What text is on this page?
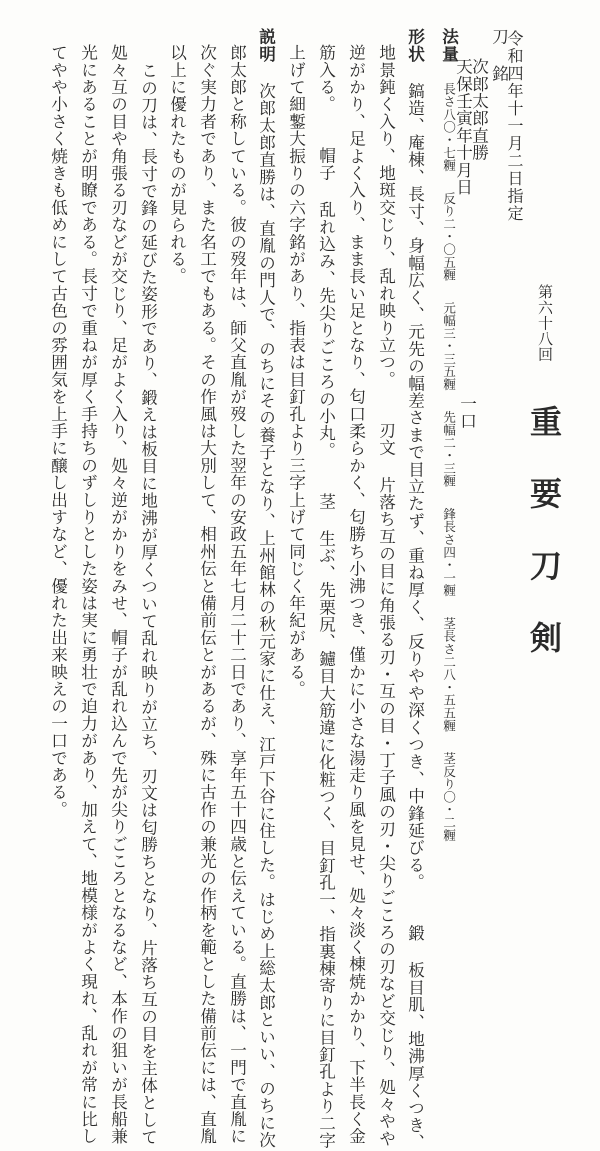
第六十八回
重要刀剣
令和四年十一月二日指定
一口
刀
銘
次郎太郎直勝
天保壬寅年十月日
法量 長さ八〇・七糎 反り二・〇五糎 元幅三・三五糎 先幅二・三糎 鋒長さ四・一糎 茎長さ二八・五五糎 茎反り〇・二糎
形状 鎬造、庵棟、長寸、身幅広く、元先の幅差さまで目立たず、重ね厚く、反りやや深くつき、中鋒延びる。 鍛 板目肌、地沸厚くつき、
地景鈍く入り、地斑交じり、乱れ映り立つ。 刃文 片落ち互の目に角張る刃・互の目・丁子風の刃・尖りごころの刃など交じり、処々やや
逆がかり、足よく入り、まま長い足となり、匂口柔らかく、匂勝ち小沸つき、僅かに小さな湯走り風を見せ、処々淡く棟焼かかり、下半長く金
筋入る。 帽子 乱れ込み、先尖りごころの小丸。 茎 生ぶ、先栗尻、鑢目大筋違に化粧つく、目釘孔一、指裏棟寄りに目釘孔より二字
上げて細鏨大振りの六字銘があり、指表は目釘孔より三字上げて同じく年紀がある。
説明 次郎太郎直勝は、直胤の門人で、のちにその養子となり、上州館林の秋元家に仕え、江戸下谷に住した。はじめ上総太郎といい、のちに次
郎太郎と称している。彼の歿年は、師父直胤が歿した翌年の安政五年七月二十二日であり、享年五十四歳と伝えている。直勝は、一門で直胤に
次ぐ実力者であり、また名工でもある。その作風は大別して、相州伝と備前伝とがあるが、殊に古作の兼光の作柄を範とした備前伝には、直胤
以上に優れたものが見られる。
この刀は、長寸で鋒の延びた姿形であり、鍛えは板目に地沸が厚くついて乱れ映りが立ち、刃文は匂勝ちとなり、片落ち互の目を主体として
処々互の目や角張る刃などが交じり、足がよく入り、処々逆がかりをみせ、帽子が乱れ込んで先が尖りごころとなるなど、本作の狙いが長船兼
光にあることが明瞭である。長寸で重ねが厚く手持ちのずしりとした姿は実に勇壮で迫力があり、加えて、地模様がよく現れ、乱れが常に比し
てやや小さく焼きも低めにして古色の雰囲気を上手に醸し出すなど、優れた出来映えの一口である。
